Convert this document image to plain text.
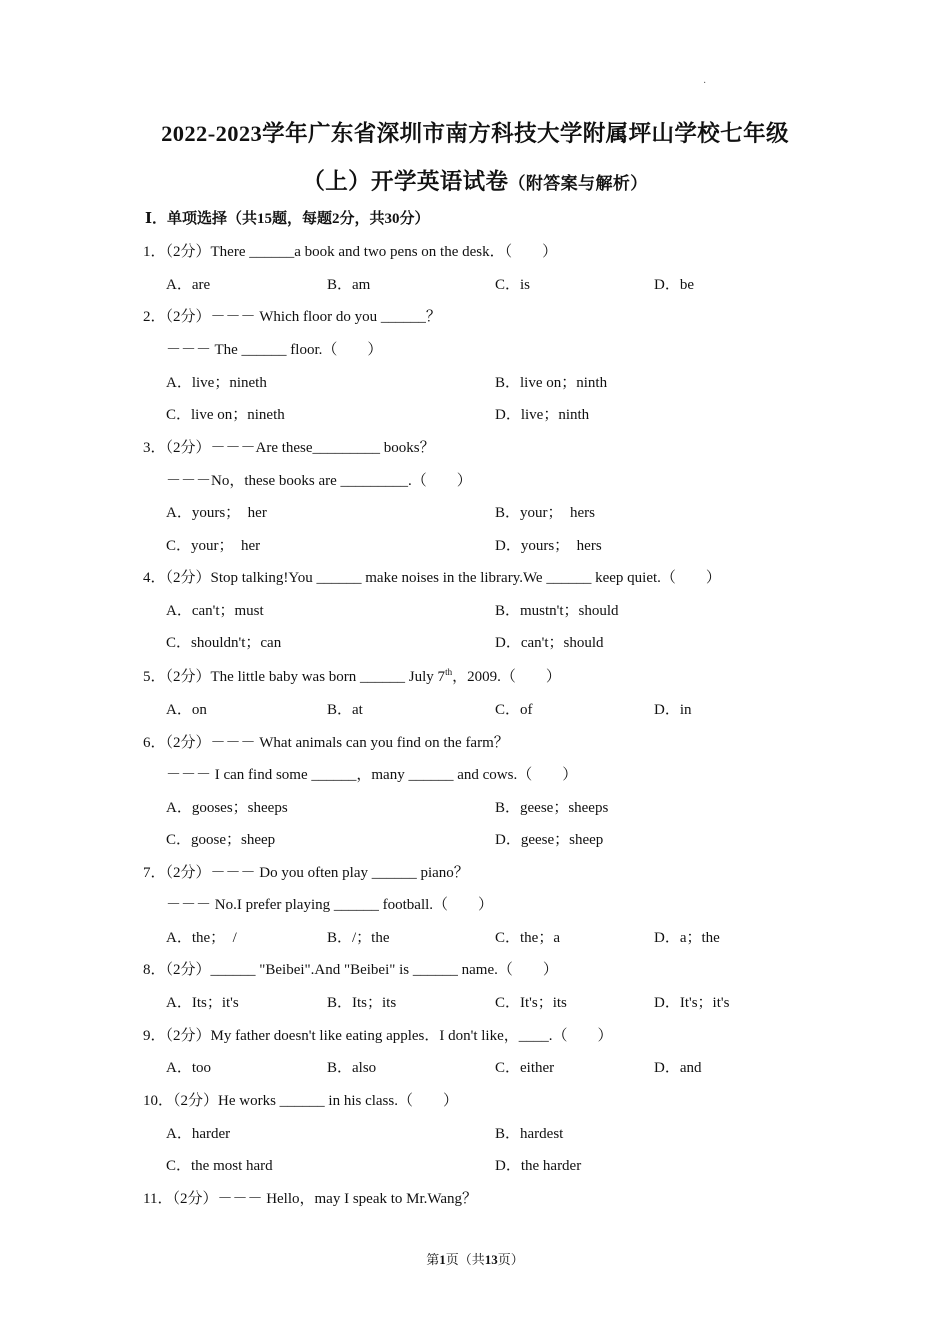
·
2022-2023学年广东省深圳市南方科技大学附属坪山学校七年级
（上）开学英语试卷（附答案与解析）
Ⅰ．单项选择（共15题，每题2分，共30分）
1．（2分）There ______a book and two pens on the desk．（　　）
A．are	B．am	C．is	D．be
2．（2分）－－－ Which floor do you ______？
－－－ The ______ floor.（　　）
A．live；nineth	B．live on；ninth
C．live on；nineth	D．live；ninth
3．（2分）－－－Are these_________ books？
－－－No，these books are _________.（　　）
A．yours；　her	B．your；　hers
C．your；　her	D．yours；　hers
4．（2分）Stop talking!You ______ make noises in the library.We ______ keep quiet.（　　）
A．can't；must	B．mustn't；should
C．shouldn't；can	D．can't；should
5．（2分）The little baby was born ______ July 7th，2009.（　　）
A．on	B．at	C．of	D．in
6．（2分）－－－ What animals can you find on the farm？
－－－ I can find some ______，many ______ and cows.（　　）
A．gooses；sheeps	B．geese；sheeps
C．goose；sheep	D．geese；sheep
7．（2分）－－－ Do you often play ______ piano？
－－－ No.I prefer playing ______ football.（　　）
A．the；　/	B．/；the	C．the；a	D．a；the
8．（2分）______ "Beibei".And "Beibei" is ______ name.（　　）
A．Its；it's	B．Its；its	C．It's；its	D．It's；it's
9．（2分）My father doesn't like eating apples．I don't like，____.（　　）
A．too	B．also	C．either	D．and
10．（2分）He works ______ in his class.（　　）
A．harder	B．hardest
C．the most hard	D．the harder
11．（2分）－－－ Hello，may I speak to Mr.Wang？
第1页（共13页）
